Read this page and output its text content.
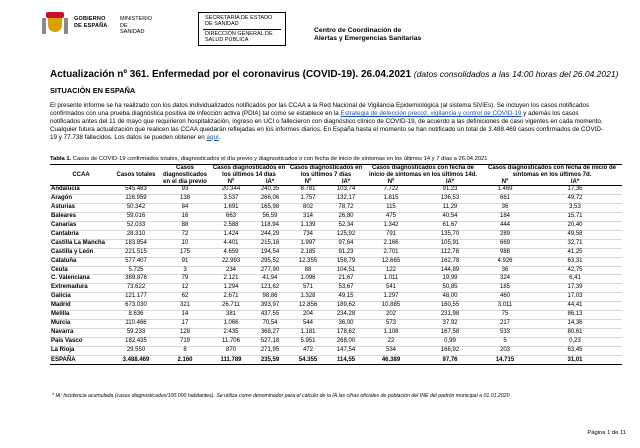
GOBIERNO
DE ESPAÑA
MINISTERIO
DE SANIDAD
SECRETARÍA DE ESTADO
DE SANIDAD
DIRECCIÓN GENERAL DE
SALUD PÚBLICA
Centro de Coordinación de
Alertas y Emergencias Sanitarias
Actualización nº 361. Enfermedad por el coronavirus (COVID-19). 26.04.2021 (datos consolidados a las 14:00 horas del 26.04.2021)
SITUACIÓN EN ESPAÑA
El presente informe se ha realizado con los datos individualizados notificados por las CCAA a la Red Nacional de Vigilancia Epidemiológica (al sistema SiViEs). Se incluyen los casos notificados confirmados con una prueba diagnóstica positiva de infección activa (PDIA) tal como se establece en la Estrategia de detección precoz, vigilancia y control de COVID-19 y además los casos notificados antes del 11 de mayo que requirieron hospitalización, ingreso en UCI o fallecieron con diagnóstico clínico de COVID-19, de acuerdo a las definiciones de caso vigentes en cada momento. Cualquier futura actualización que realicen las CCAA quedarán reflejadas en los informes diarios. En España hasta el momento se han notificado un total de 3.488.469 casos confirmados de COVID-19 y 77.738 fallecidos. Los datos se pueden obtener en aquí.
Tabla 1. Casos de COVID-19 confirmados totales, diagnosticados el día previo y diagnosticados o con fecha de inicio de síntomas en los últimos 14 y 7 días a 26.04.2021
CCAA	Casos totales	Casos diagnosticados en el día previo	Casos diagnosticados en los últimos 14 días		Casos diagnosticados en los últimos 7 días		Casos diagnosticados con fecha de inicio de síntomas en los últimos 14d.		Casos diagnosticados con fecha de inicio de síntomas en los últimos 7d.	
			Nº	IA*	Nº	IA*	Nº	IA*	Nº	IA*
Andalucía	545.483	93	20.344	240,35	8.781	103,74	7.722	91,23	1.469	17,36
Aragón	116.959	138	3.537	266,06	1.757	132,17	1.815	136,53	661	49,72
Asturias	50.342	84	1.691	165,98	802	78,72	115	11,29	36	3,53
Baleares	59.016	16	663	56,59	314	26,80	475	40,54	184	15,71
Canarias	52.033	88	2.588	118,94	1.139	52,34	1.342	61,67	444	20,40
Cantabria	28.310	72	1.424	244,29	734	125,92	791	135,70	289	49,58
Castilla La Mancha	183.854	10	4.401	215,18	1.997	97,64	2.166	105,91	669	32,71
Castilla y León	221.515	175	4.659	194,54	2.185	91,23	2.701	112,78	988	41,25
Cataluña	577.407	91	22.993	295,52	12.355	158,79	12.665	162,78	4.926	63,31
Ceuta	5.725	3	234	277,90	88	104,51	122	144,89	36	42,75
C. Valenciana	389.876	79	2.121	41,94	1.096	21,67	1.011	19,99	324	6,41
Extremadura	73.622	12	1.294	121,62	571	53,67	541	50,85	185	17,39
Galicia	121.177	62	2.671	98,86	1.328	49,15	1.297	48,00	460	17,03
Madrid	673.030	321	26.711	393,97	12.856	189,62	10.885	160,55	3.011	44,41
Melilla	8.636	14	381	437,55	204	234,28	202	231,98	75	86,13
Murcia	110.466	17	1.066	70,54	544	36,00	573	37,92	217	14,36
Navarra	59.233	128	2.435	368,27	1.181	178,62	1.108	167,58	533	80,61
País Vasco	182.435	719	11.706	527,18	5.951	268,00	22	0,99	5	0,23
La Rioja	29.550	8	870	271,95	472	147,54	534	166,92	203	63,45
ESPAÑA	3.488.469	2.160	111.789	235,59	54.355	114,55	46.389	97,76	14.715	31,01
* IA: Incidencia acumulada (casos diagnosticados/100.000 habitantes). Se utiliza como denominador para el cálculo de la IA las cifras oficiales de población del INE del padrón municipal a 01.01.2020
Página 1 de 11
